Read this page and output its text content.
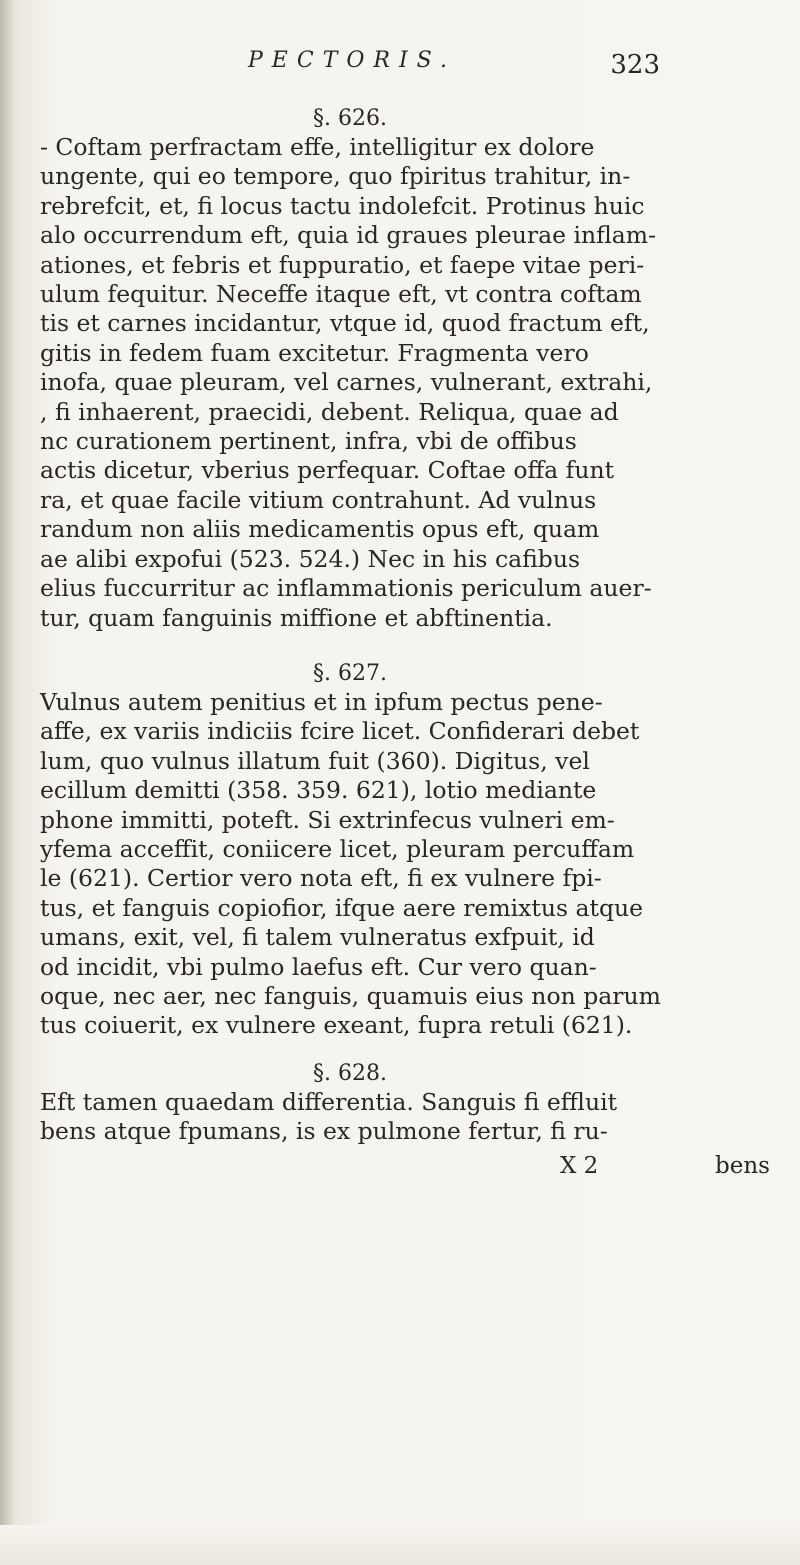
PECTORIS.	323
§. 626.
- Coftam perfractam effe, intelligitur ex dolore
ungente, qui eo tempore, quo fpiritus trahitur, in-
rebrefcit, et, fi locus tactu indolefcit. Protinus huic
alo occurrendum eft, quia id graues pleurae inflam-
ationes, et febris et fuppuratio, et faepe vitae peri-
ulum fequitur. Neceffe itaque eft, vt contra coftam
tis et carnes incidantur, vtque id, quod fractum eft,
gitis in fedem fuam excitetur. Fragmenta vero
inofa, quae pleuram, vel carnes, vulnerant, extrahi,
, fi inhaerent, praecidi, debent. Reliqua, quae ad
nc curationem pertinent, infra, vbi de offibus
actis dicetur, vberius perfequar. Coftae offa funt
ra, et quae facile vitium contrahunt. Ad vulnus
randum non aliis medicamentis opus eft, quam
ae alibi expofui (523. 524.) Nec in his cafibus
elius fuccurritur ac inflammationis periculum auer-
tur, quam fanguinis miffione et abftinentia.
§. 627.
Vulnus autem penitius et in ipfum pectus pene-
affe, ex variis indiciis fcire licet. Confiderari debet
lum, quo vulnus illatum fuit (360). Digitus, vel
ecillum demitti (358. 359. 621), lotio mediante
phone immitti, poteft. Si extrinfecus vulneri em-
yfema acceffit, coniicere licet, pleuram percuffam
le (621). Certior vero nota eft, fi ex vulnere fpi-
tus, et fanguis copiofior, ifque aere remixtus atque
umans, exit, vel, fi talem vulneratus exfpuit, id
od incidit, vbi pulmo laefus eft. Cur vero quan-
oque, nec aer, nec fanguis, quamuis eius non parum
tus coiuerit, ex vulnere exeant, fupra retuli (621).
§. 628.
Eft tamen quaedam differentia. Sanguis fi effluit
bens atque fpumans, is ex pulmone fertur, fi ru-
X 2	bens
